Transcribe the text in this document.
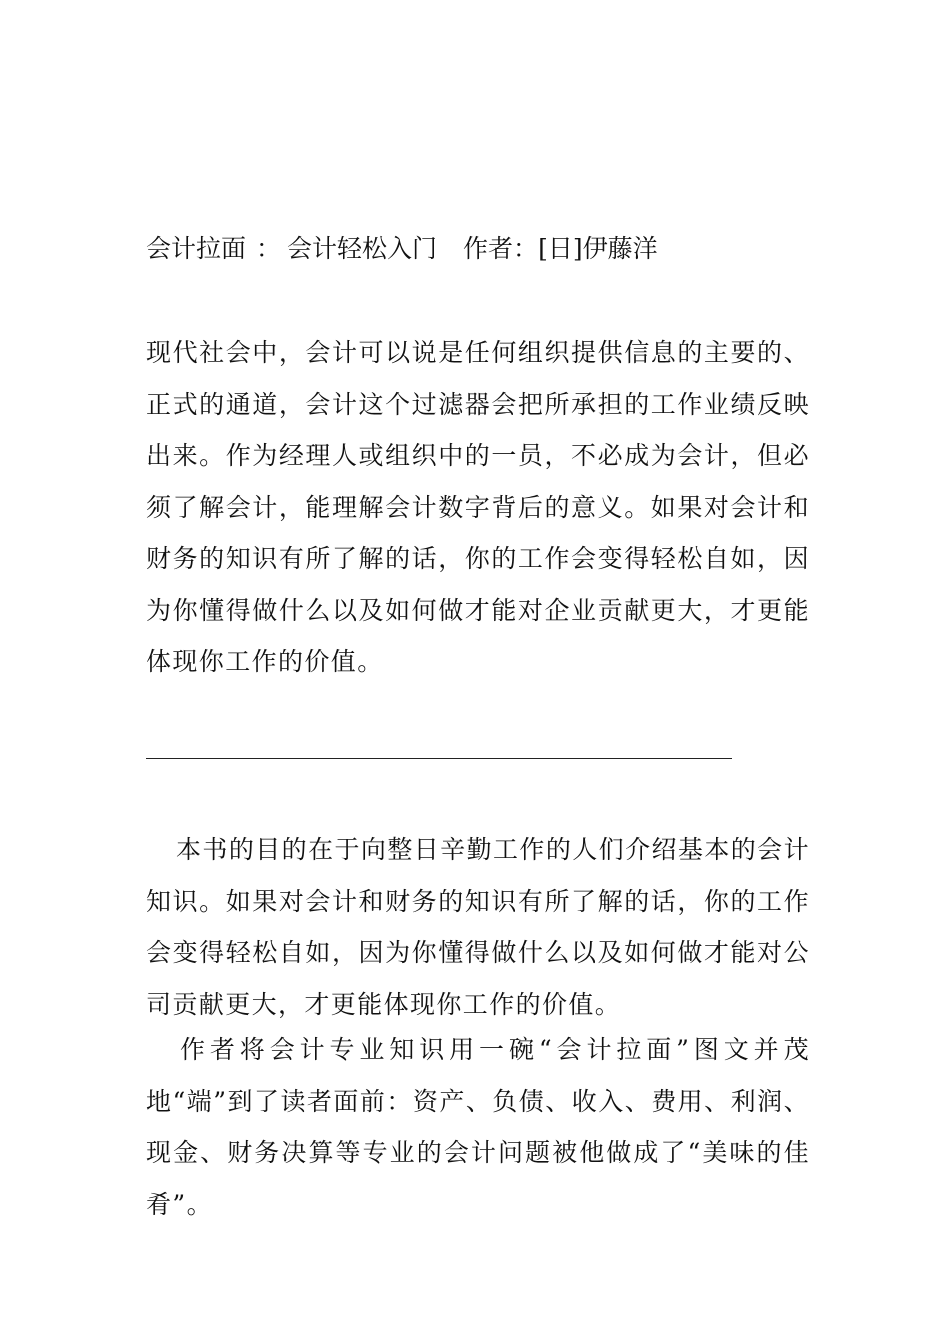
会计拉面 ： 会计轻松入门 作者：[日]伊藤洋

现代社会中，会计可以说是任何组织提供信息的主要的、正式的通道，会计这个过滤器会把所承担的工作业绩反映出来。作为经理人或组织中的一员，不必成为会计，但必须了解会计，能理解会计数字背后的意义。如果对会计和财务的知识有所了解的话，你的工作会变得轻松自如，因为你懂得做什么以及如何做才能对企业贡献更大，才更能体现你工作的价值。

本书的目的在于向整日辛勤工作的人们介绍基本的会计知识。如果对会计和财务的知识有所了解的话，你的工作会变得轻松自如，因为你懂得做什么以及如何做才能对公司贡献更大，才更能体现你工作的价值。

作者将会计专业知识用一碗“会计拉面”图文并茂地“端”到了读者面前：资产、负债、收入、费用、利润、现金、财务决算等专业的会计问题被他做成了“美味的佳肴”。
